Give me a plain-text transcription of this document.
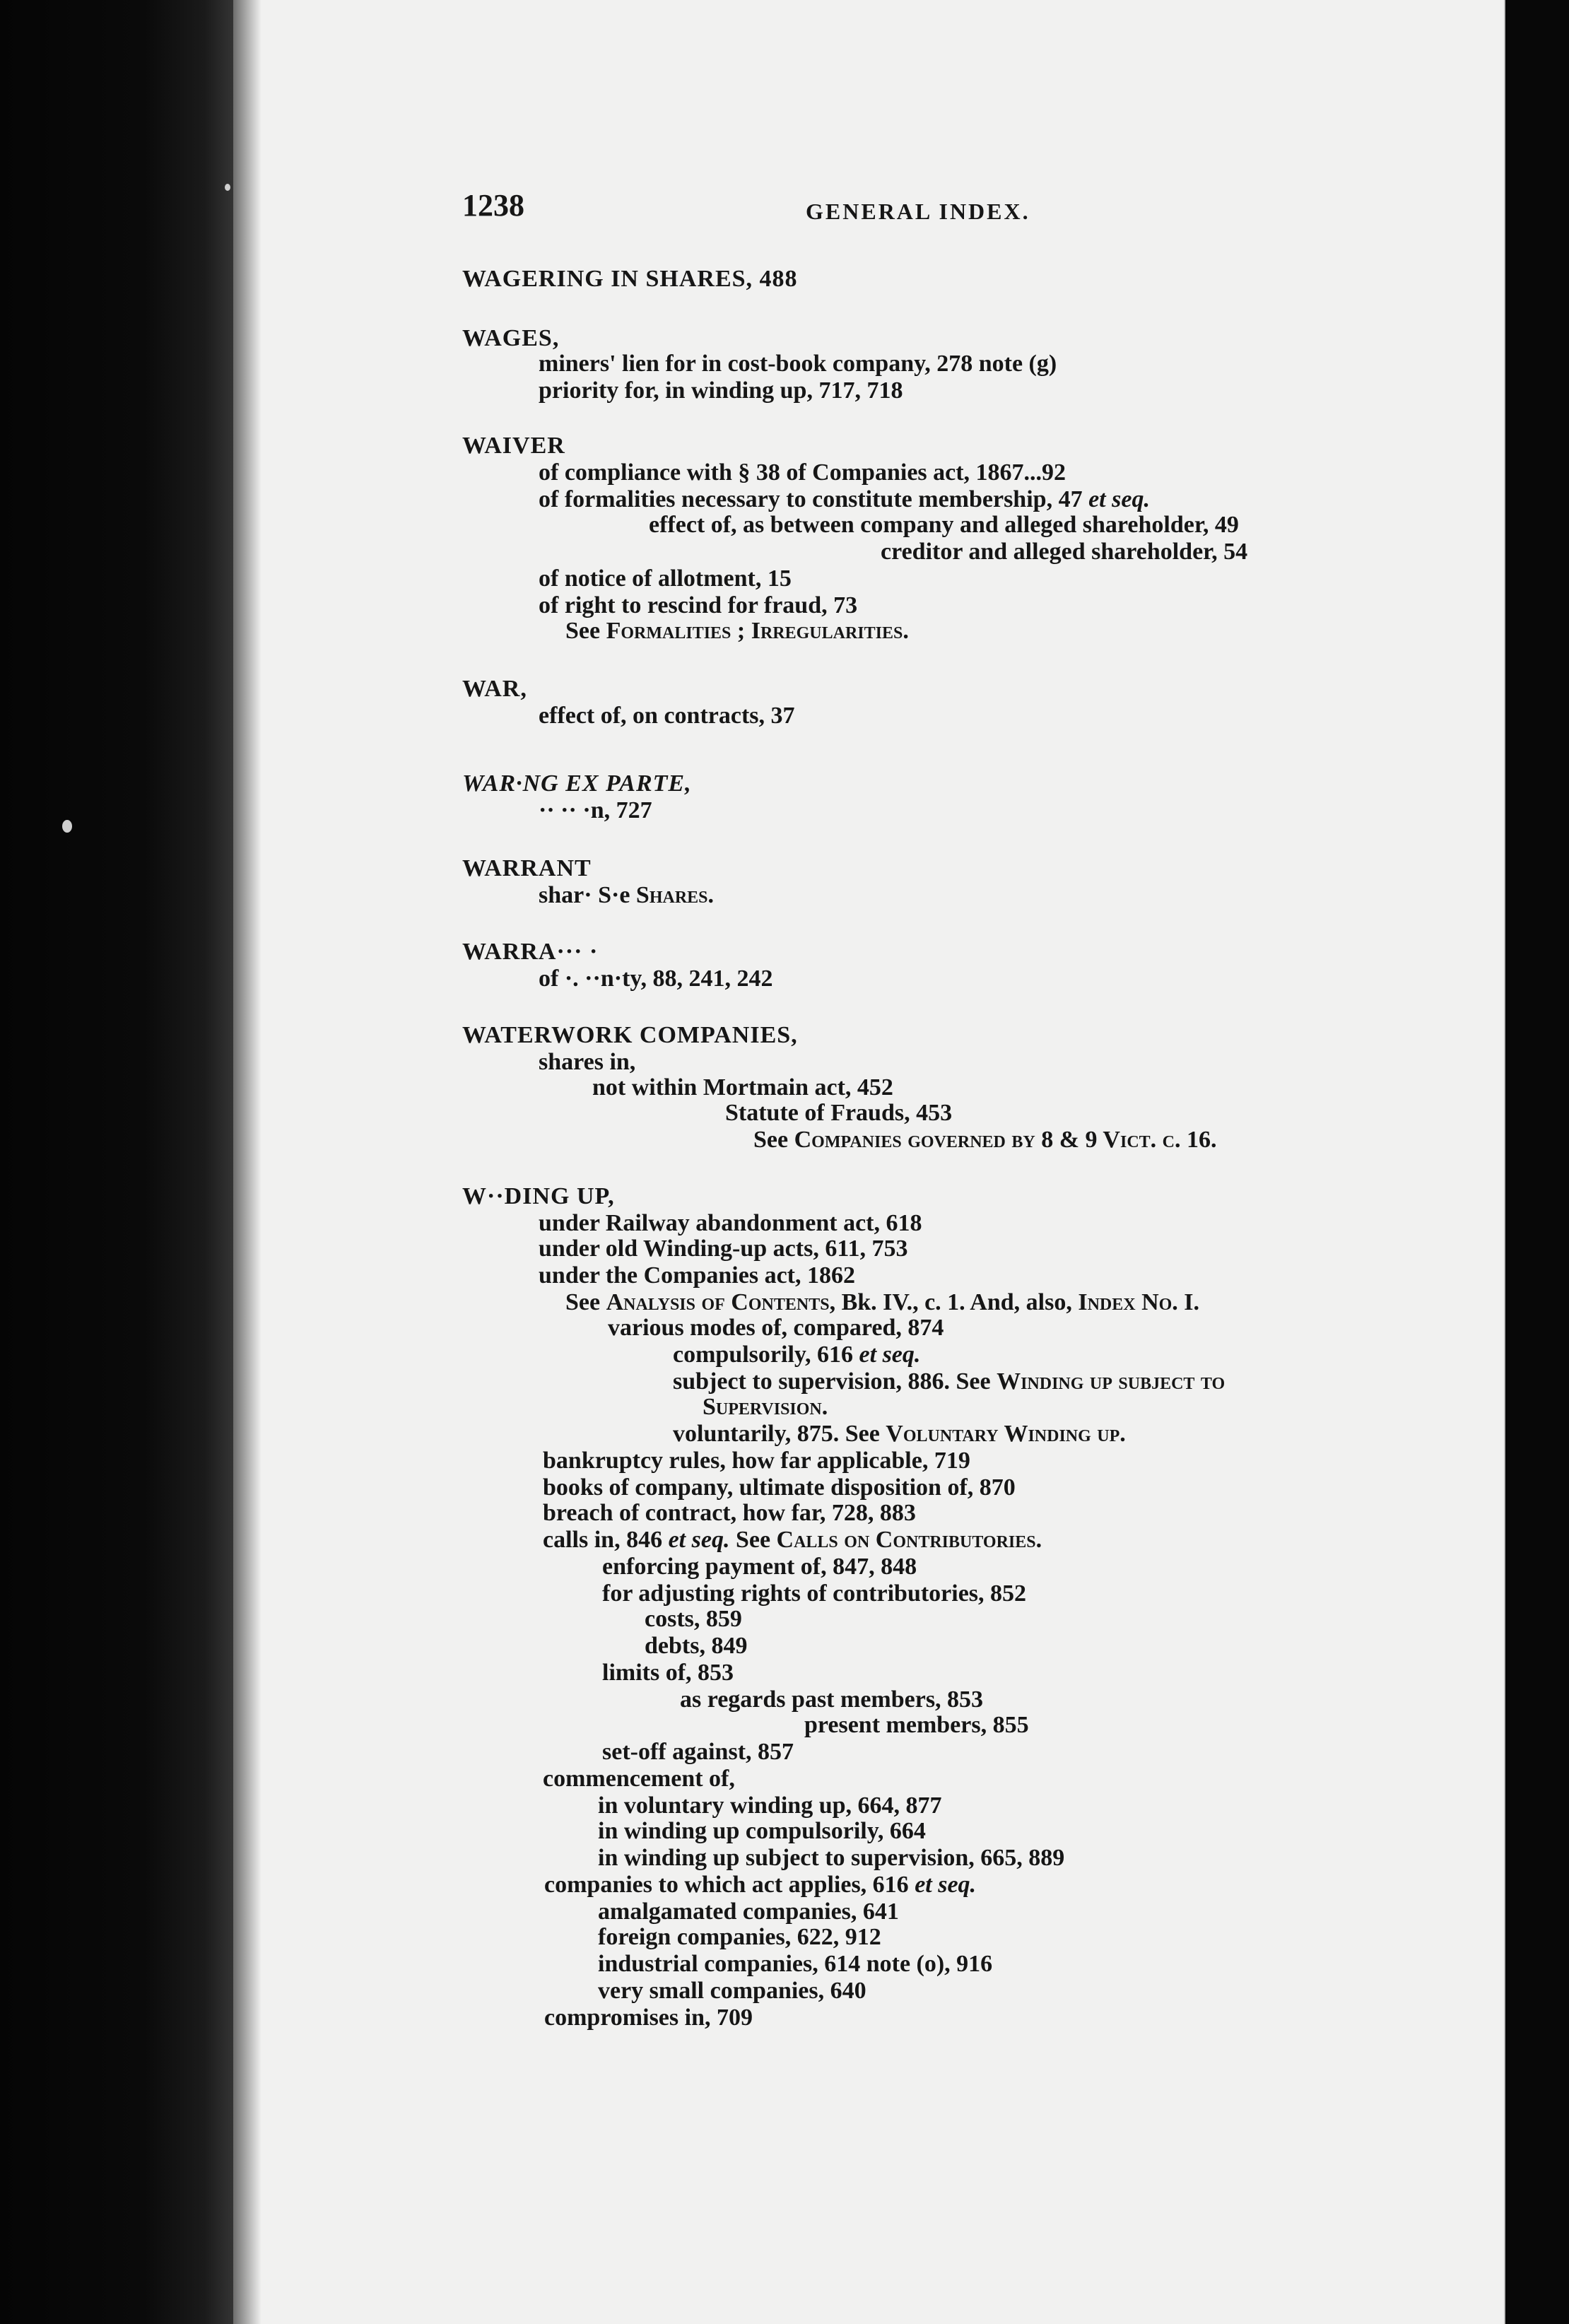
1238	GENERAL INDEX.
WAGERING IN SHARES, 488
WAGES,
miners' lien for in cost-book company, 278 note (g)
priority for, in winding up, 717, 718
WAIVER
of compliance with § 38 of Companies act, 1867...92
of formalities necessary to constitute membership, 47 et seq.
effect of, as between company and alleged shareholder, 49
creditor and alleged shareholder, 54
of notice of allotment, 15
of right to rescind for fraud, 73
See Formalities ; Irregularities.
WAR,
effect of, on contracts, 37
WAR·NG EX PARTE,
·· ·· ·n, 727
WARRANT
shar· S·e Shares.
WARRA··· ·
of ·. ··n·ty, 88, 241, 242
WATERWORK COMPANIES,
shares in,
not within Mortmain act, 452
Statute of Frauds, 453
See Companies governed by 8 & 9 Vict. c. 16.
W··DING UP,
under Railway abandonment act, 618
under old Winding-up acts, 611, 753
under the Companies act, 1862
See Analysis of Contents, Bk. IV., c. 1. And, also, Index No. I.
various modes of, compared, 874
compulsorily, 616 et seq.
subject to supervision, 886. See Winding up subject to
Supervision.
voluntarily, 875. See Voluntary Winding up.
bankruptcy rules, how far applicable, 719
books of company, ultimate disposition of, 870
breach of contract, how far, 728, 883
calls in, 846 et seq. See Calls on Contributories.
enforcing payment of, 847, 848
for adjusting rights of contributories, 852
costs, 859
debts, 849
limits of, 853
as regards past members, 853
present members, 855
set-off against, 857
commencement of,
in voluntary winding up, 664, 877
in winding up compulsorily, 664
in winding up subject to supervision, 665, 889
companies to which act applies, 616 et seq.
amalgamated companies, 641
foreign companies, 622, 912
industrial companies, 614 note (o), 916
very small companies, 640
compromises in, 709
